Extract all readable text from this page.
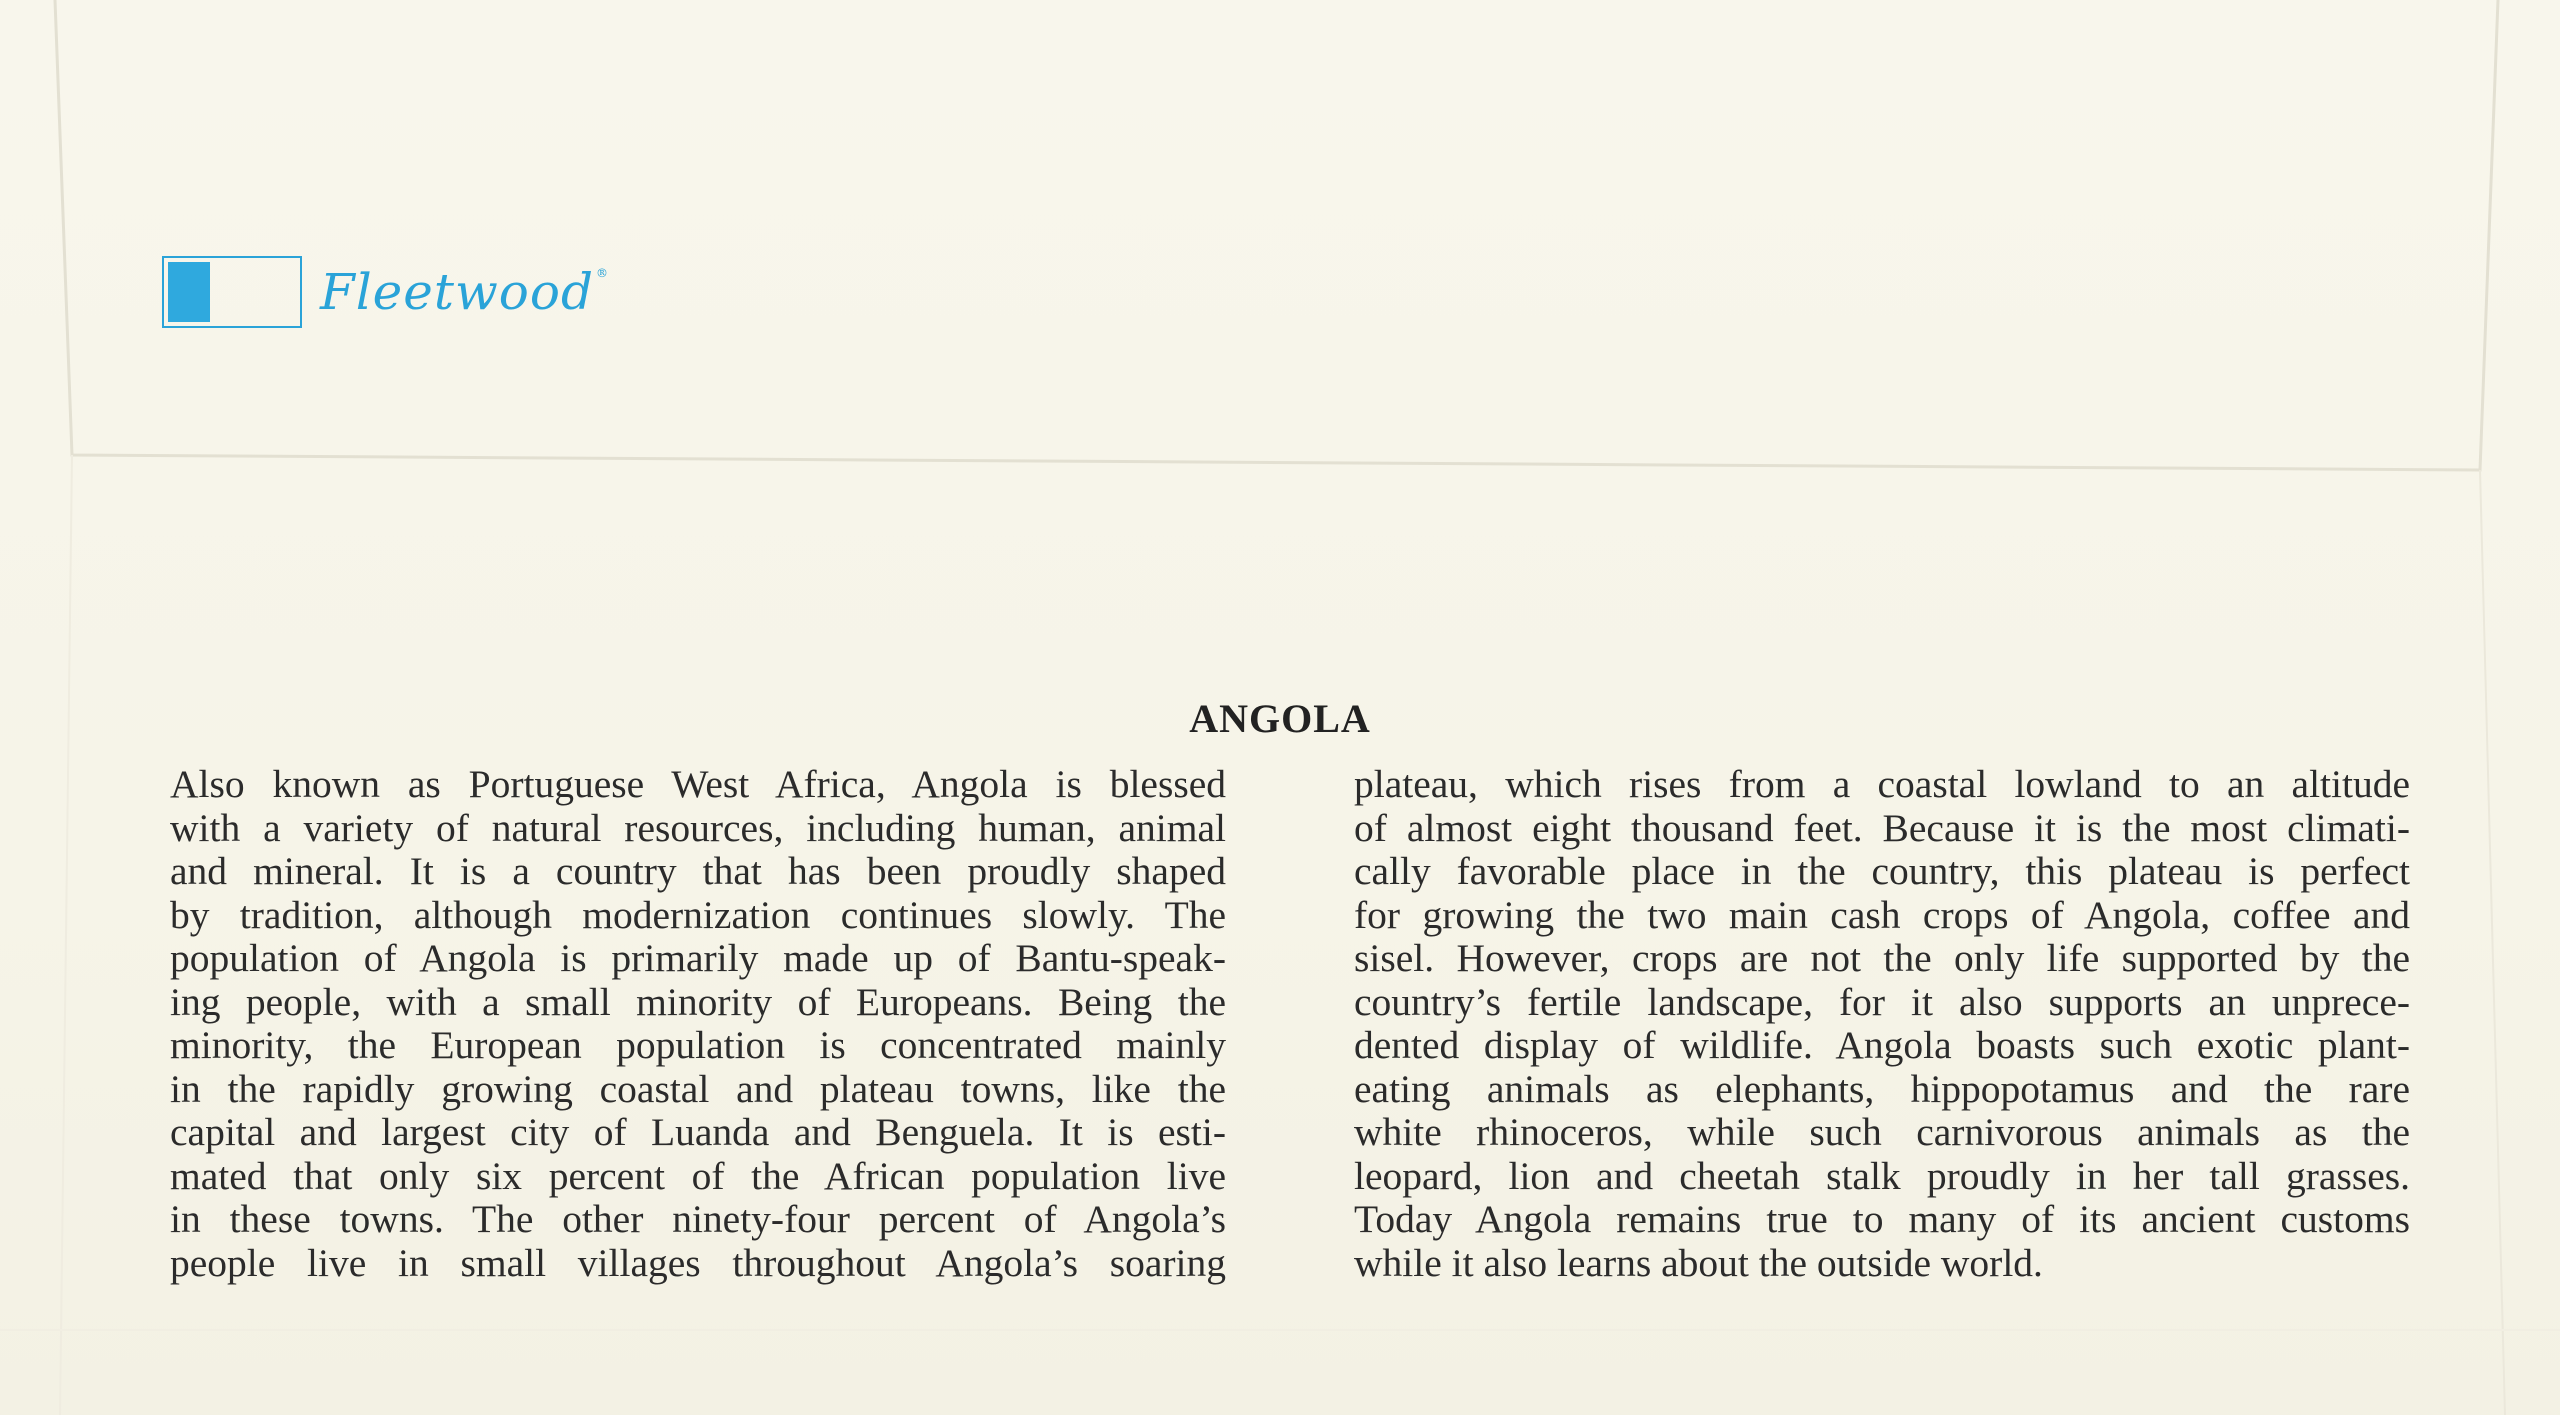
Fleetwood ®
ANGOLA
Also known as Portuguese West Africa, Angola is blessed
with a variety of natural resources, including human, animal
and mineral. It is a country that has been proudly shaped
by tradition, although modernization continues slowly. The
population of Angola is primarily made up of Bantu-speak-
ing people, with a small minority of Europeans. Being the
minority, the European population is concentrated mainly
in the rapidly growing coastal and plateau towns, like the
capital and largest city of Luanda and Benguela. It is esti-
mated that only six percent of the African population live
in these towns. The other ninety-four percent of Angola’s
people live in small villages throughout Angola’s soaring
plateau, which rises from a coastal lowland to an altitude
of almost eight thousand feet. Because it is the most climati-
cally favorable place in the country, this plateau is perfect
for growing the two main cash crops of Angola, coffee and
sisel. However, crops are not the only life supported by the
country’s fertile landscape, for it also supports an unprece-
dented display of wildlife. Angola boasts such exotic plant-
eating animals as elephants, hippopotamus and the rare
white rhinoceros, while such carnivorous animals as the
leopard, lion and cheetah stalk proudly in her tall grasses.
Today Angola remains true to many of its ancient customs
while it also learns about the outside world.
